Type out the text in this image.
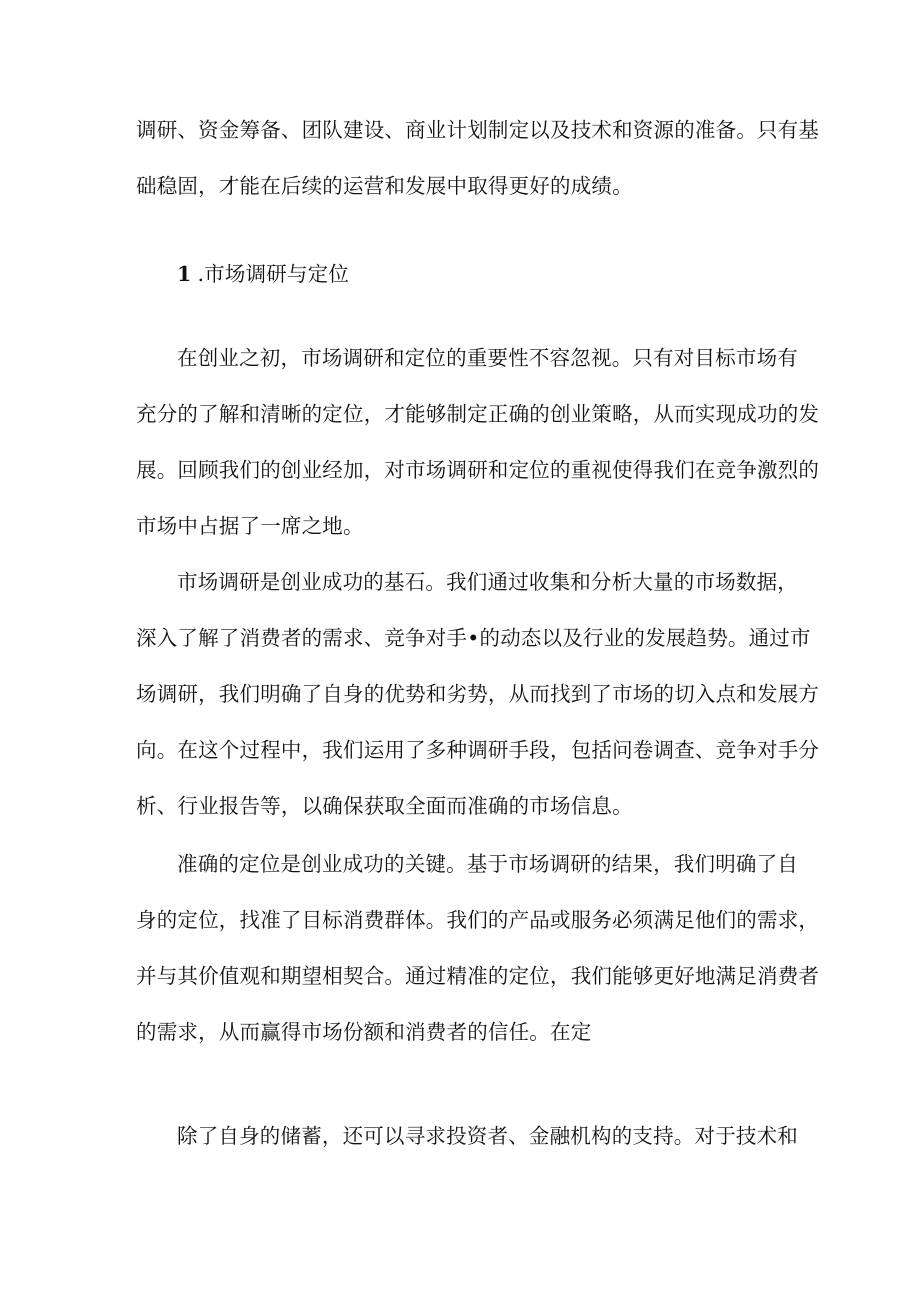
调研、资金筹备、团队建设、商业计划制定以及技术和资源的准备。只有基
础稳固，才能在后续的运营和发展中取得更好的成绩。
1 .市场调研与定位
在创业之初，市场调研和定位的重要性不容忽视。只有对目标市场有
充分的了解和清晰的定位，才能够制定正确的创业策略，从而实现成功的发
展。回顾我们的创业经加，对市场调研和定位的重视使得我们在竞争激烈的
市场中占据了一席之地。
市场调研是创业成功的基石。我们通过收集和分析大量的市场数据，
深入了解了消费者的需求、竞争对手•的动态以及行业的发展趋势。通过市
场调研，我们明确了自身的优势和劣势，从而找到了市场的切入点和发展方
向。在这个过程中，我们运用了多种调研手段，包括问卷调查、竞争对手分
析、行业报告等，以确保获取全面而准确的市场信息。
准确的定位是创业成功的关键。基于市场调研的结果，我们明确了自
身的定位，找准了目标消费群体。我们的产品或服务必须满足他们的需求，
并与其价值观和期望相契合。通过精准的定位，我们能够更好地满足消费者
的需求，从而赢得市场份额和消费者的信任。在定
除了自身的储蓄，还可以寻求投资者、金融机构的支持。对于技术和
